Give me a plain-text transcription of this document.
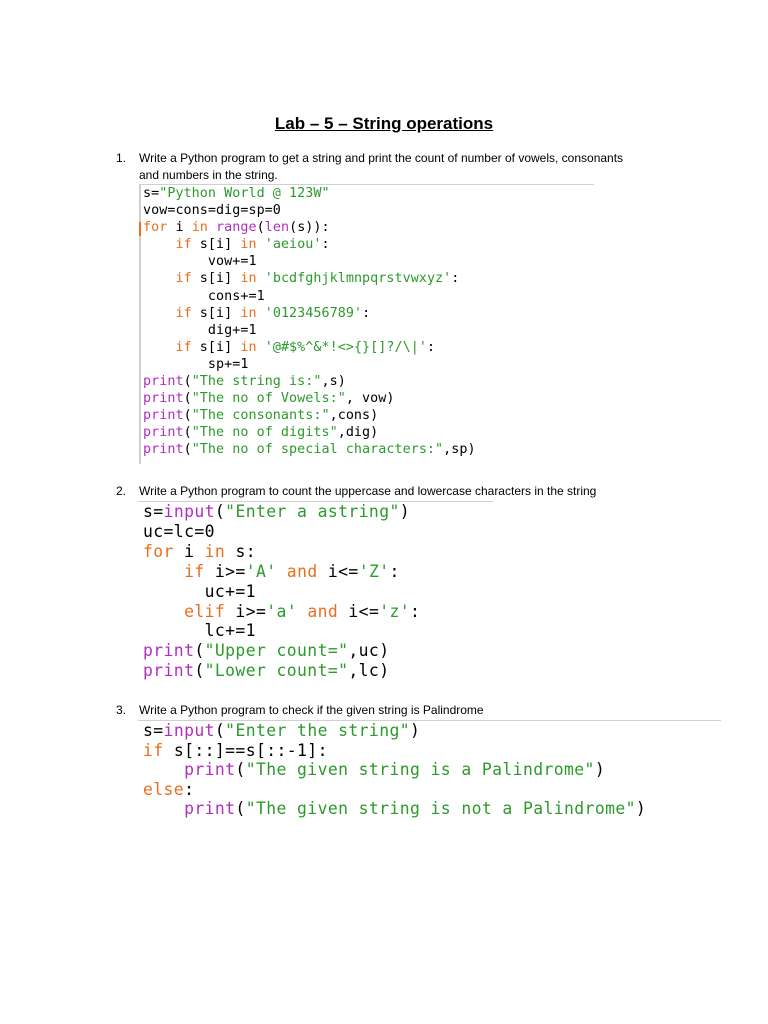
Lab – 5 – String operations
1. Write a Python program to get a string and print the count of number of vowels, consonants
and numbers in the string.
s="Python World @ 123W"
vow=cons=dig=sp=0
for i in range(len(s)):
if s[i] in 'aeiou':
vow+=1
if s[i] in 'bcdfghjklmnpqrstvwxyz':
cons+=1
if s[i] in '0123456789':
dig+=1
if s[i] in '@#$%^&*!<>{}[]?/\|':
sp+=1
print("The string is:",s)
print("The no of Vowels:", vow)
print("The consonants:",cons)
print("The no of digits",dig)
print("The no of special characters:",sp)
2. Write a Python program to count the uppercase and lowercase characters in the string
s=input("Enter a astring")
uc=lc=0
for i in s:
if i>='A' and i<='Z':
uc+=1
elif i>='a' and i<='z':
lc+=1
print("Upper count=",uc)
print("Lower count=",lc)
3. Write a Python program to check if the given string is Palindrome
s=input("Enter the string")
if s[::]==s[::-1]:
print("The given string is a Palindrome")
else:
print("The given string is not a Palindrome")
